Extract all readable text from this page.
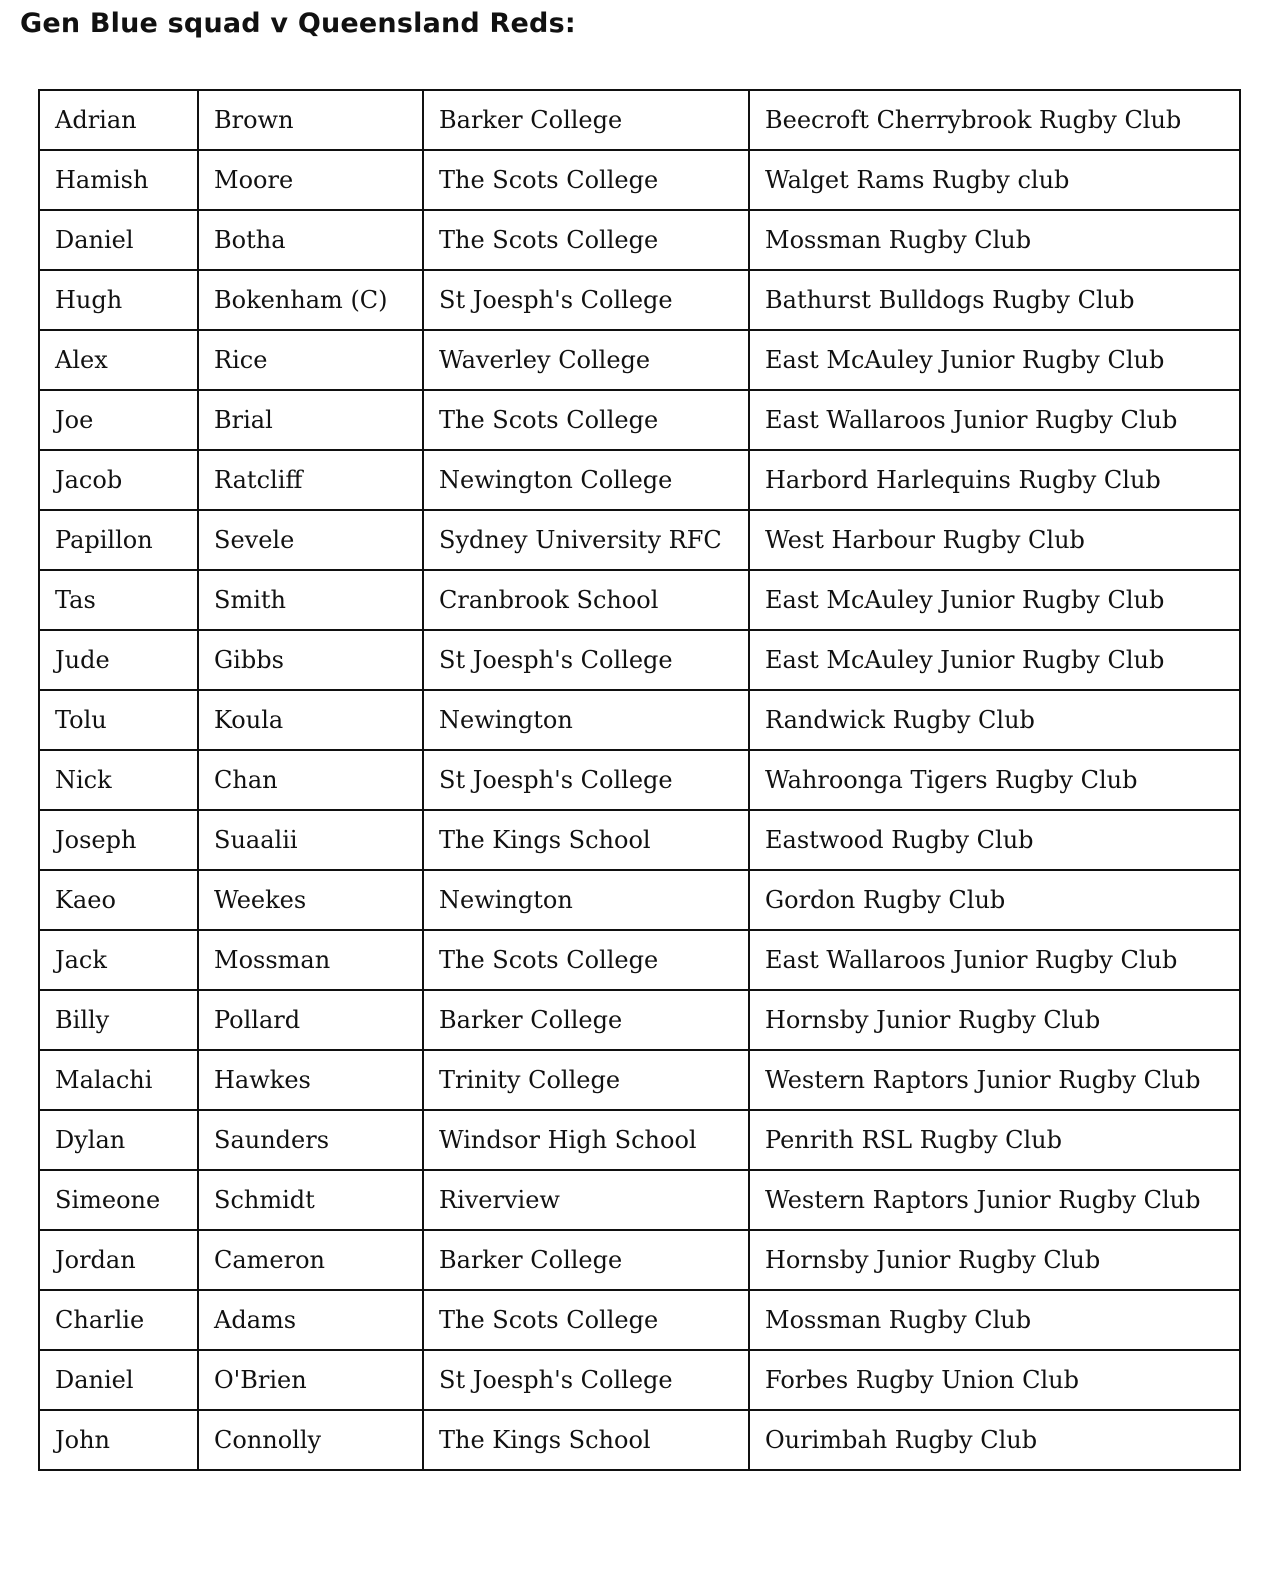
Gen Blue squad v Queensland Reds:
Adrian	Brown	Barker College	Beecroft Cherrybrook Rugby Club
Hamish	Moore	The Scots College	Walget Rams Rugby club
Daniel	Botha	The Scots College	Mossman Rugby Club
Hugh	Bokenham (C)	St Joesph's College	Bathurst Bulldogs Rugby Club
Alex	Rice	Waverley College	East McAuley Junior Rugby Club
Joe	Brial	The Scots College	East Wallaroos Junior Rugby Club
Jacob	Ratcliff	Newington College	Harbord Harlequins Rugby Club
Papillon	Sevele	Sydney University RFC	West Harbour Rugby Club
Tas	Smith	Cranbrook School	East McAuley Junior Rugby Club
Jude	Gibbs	St Joesph's College	East McAuley Junior Rugby Club
Tolu	Koula	Newington	Randwick Rugby Club
Nick	Chan	St Joesph's College	Wahroonga Tigers Rugby Club
Joseph	Suaalii	The Kings School	Eastwood Rugby Club
Kaeo	Weekes	Newington	Gordon Rugby Club
Jack	Mossman	The Scots College	East Wallaroos Junior Rugby Club
Billy	Pollard	Barker College	Hornsby Junior Rugby Club
Malachi	Hawkes	Trinity College	Western Raptors Junior Rugby Club
Dylan	Saunders	Windsor High School	Penrith RSL Rugby Club
Simeone	Schmidt	Riverview	Western Raptors Junior Rugby Club
Jordan	Cameron	Barker College	Hornsby Junior Rugby Club
Charlie	Adams	The Scots College	Mossman Rugby Club
Daniel	O'Brien	St Joesph's College	Forbes Rugby Union Club
John	Connolly	The Kings School	Ourimbah Rugby Club
